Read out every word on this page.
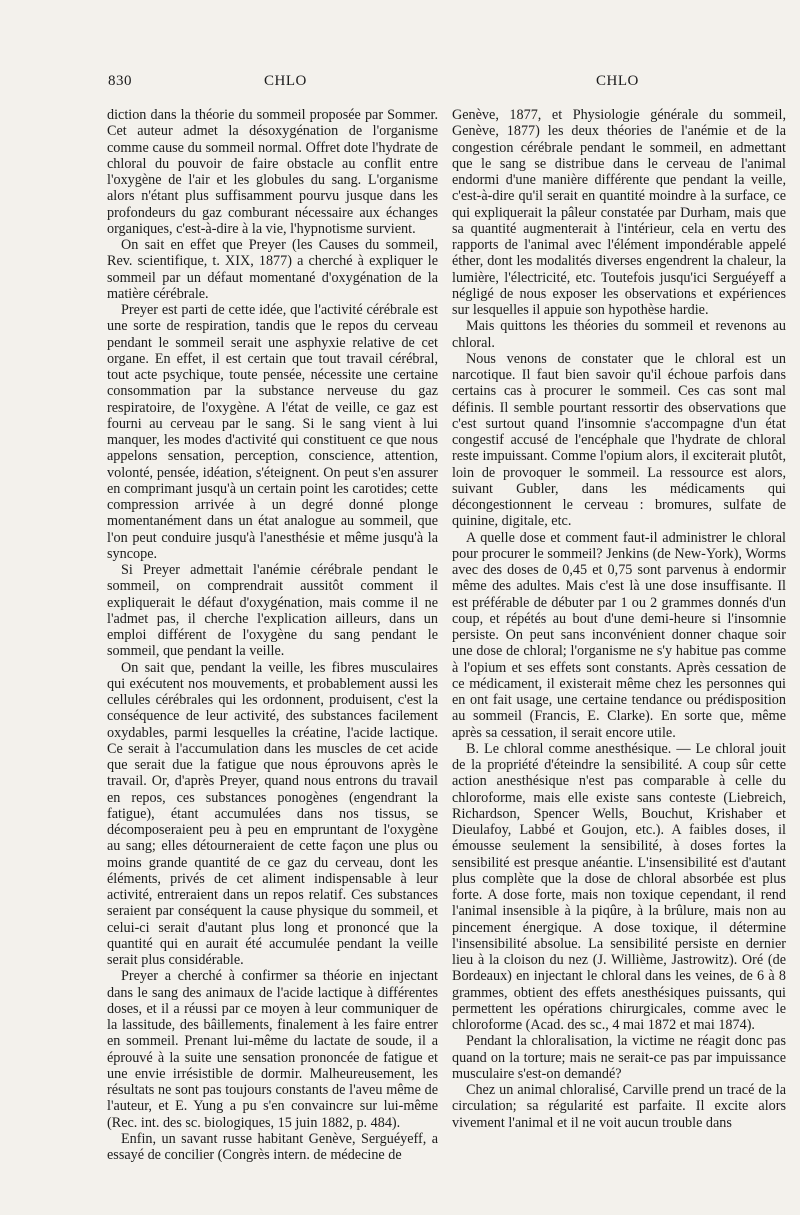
830	CHLO	CHLO

diction dans la théorie du sommeil proposée par Sommer. Cet auteur admet la désoxygénation de l'organisme comme cause du sommeil normal. Offret dote l'hydrate de chloral du pouvoir de faire obstacle au conflit entre l'oxygène de l'air et les globules du sang. L'organisme alors n'étant plus suffisamment pourvu jusque dans les profondeurs du gaz comburant nécessaire aux échanges organiques, c'est-à-dire à la vie, l'hypnotisme survient.

On sait en effet que Preyer (les Causes du sommeil, Rev. scientifique, t. XIX, 1877) a cherché à expliquer le sommeil par un défaut momentané d'oxygénation de la matière cérébrale.

Preyer est parti de cette idée, que l'activité cérébrale est une sorte de respiration, tandis que le repos du cerveau pendant le sommeil serait une asphyxie relative de cet organe. En effet, il est certain que tout travail cérébral, tout acte psychique, toute pensée, nécessite une certaine consommation par la substance nerveuse du gaz respiratoire, de l'oxygène. A l'état de veille, ce gaz est fourni au cerveau par le sang. Si le sang vient à lui manquer, les modes d'activité qui constituent ce que nous appelons sensation, perception, conscience, attention, volonté, pensée, idéation, s'éteignent. On peut s'en assurer en comprimant jusqu'à un certain point les carotides; cette compression arrivée à un degré donné plonge momentanément dans un état analogue au sommeil, que l'on peut conduire jusqu'à l'anesthésie et même jusqu'à la syncope.

Si Preyer admettait l'anémie cérébrale pendant le sommeil, on comprendrait aussitôt comment il expliquerait le défaut d'oxygénation, mais comme il ne l'admet pas, il cherche l'explication ailleurs, dans un emploi différent de l'oxygène du sang pendant le sommeil, que pendant la veille.

On sait que, pendant la veille, les fibres musculaires qui exécutent nos mouvements, et probablement aussi les cellules cérébrales qui les ordonnent, produisent, c'est la conséquence de leur activité, des substances facilement oxydables, parmi lesquelles la créatine, l'acide lactique. Ce serait à l'accumulation dans les muscles de cet acide que serait due la fatigue que nous éprouvons après le travail. Or, d'après Preyer, quand nous entrons du travail en repos, ces substances ponogènes (engendrant la fatigue), étant accumulées dans nos tissus, se décomposeraient peu à peu en empruntant de l'oxygène au sang; elles détourneraient de cette façon une plus ou moins grande quantité de ce gaz du cerveau, dont les éléments, privés de cet aliment indispensable à leur activité, entreraient dans un repos relatif. Ces substances seraient par conséquent la cause physique du sommeil, et celui-ci serait d'autant plus long et prononcé que la quantité qui en aurait été accumulée pendant la veille serait plus considérable.

Preyer a cherché à confirmer sa théorie en injectant dans le sang des animaux de l'acide lactique à différentes doses, et il a réussi par ce moyen à leur communiquer de la lassitude, des bâillements, finalement à les faire entrer en sommeil. Prenant lui-même du lactate de soude, il a éprouvé à la suite une sensation prononcée de fatigue et une envie irrésistible de dormir. Malheureusement, les résultats ne sont pas toujours constants de l'aveu même de l'auteur, et E. Yung a pu s'en convaincre sur lui-même (Rec. int. des sc. biologiques, 15 juin 1882, p. 484).

Enfin, un savant russe habitant Genève, Serguéyeff, a essayé de concilier (Congrès intern. de médecine de

Genève, 1877, et Physiologie générale du sommeil, Genève, 1877) les deux théories de l'anémie et de la congestion cérébrale pendant le sommeil, en admettant que le sang se distribue dans le cerveau de l'animal endormi d'une manière différente que pendant la veille, c'est-à-dire qu'il serait en quantité moindre à la surface, ce qui expliquerait la pâleur constatée par Durham, mais que sa quantité augmenterait à l'intérieur, cela en vertu des rapports de l'animal avec l'élément impondérable appelé éther, dont les modalités diverses engendrent la chaleur, la lumière, l'électricité, etc. Toutefois jusqu'ici Serguéyeff a négligé de nous exposer les observations et expériences sur lesquelles il appuie son hypothèse hardie.

Mais quittons les théories du sommeil et revenons au chloral.

Nous venons de constater que le chloral est un narcotique. Il faut bien savoir qu'il échoue parfois dans certains cas à procurer le sommeil. Ces cas sont mal définis. Il semble pourtant ressortir des observations que c'est surtout quand l'insomnie s'accompagne d'un état congestif accusé de l'encéphale que l'hydrate de chloral reste impuissant. Comme l'opium alors, il exciterait plutôt, loin de provoquer le sommeil. La ressource est alors, suivant Gubler, dans les médicaments qui décongestionnent le cerveau : bromures, sulfate de quinine, digitale, etc.

A quelle dose et comment faut-il administrer le chloral pour procurer le sommeil? Jenkins (de New-York), Worms avec des doses de 0,45 et 0,75 sont parvenus à endormir même des adultes. Mais c'est là une dose insuffisante. Il est préférable de débuter par 1 ou 2 grammes donnés d'un coup, et répétés au bout d'une demi-heure si l'insomnie persiste. On peut sans inconvénient donner chaque soir une dose de chloral; l'organisme ne s'y habitue pas comme à l'opium et ses effets sont constants. Après cessation de ce médicament, il existerait même chez les personnes qui en ont fait usage, une certaine tendance ou prédisposition au sommeil (Francis, E. Clarke). En sorte que, même après sa cessation, il serait encore utile.

B. Le chloral comme anesthésique. — Le chloral jouit de la propriété d'éteindre la sensibilité. A coup sûr cette action anesthésique n'est pas comparable à celle du chloroforme, mais elle existe sans conteste (Liebreich, Richardson, Spencer Wells, Bouchut, Krishaber et Dieulafoy, Labbé et Goujon, etc.). A faibles doses, il émousse seulement la sensibilité, à doses fortes la sensibilité est presque anéantie. L'insensibilité est d'autant plus complète que la dose de chloral absorbée est plus forte. A dose forte, mais non toxique cependant, il rend l'animal insensible à la piqûre, à la brûlure, mais non au pincement énergique. A dose toxique, il détermine l'insensibilité absolue. La sensibilité persiste en dernier lieu à la cloison du nez (J. Willième, Jastrowitz). Oré (de Bordeaux) en injectant le chloral dans les veines, de 6 à 8 grammes, obtient des effets anesthésiques puissants, qui permettent les opérations chirurgicales, comme avec le chloroforme (Acad. des sc., 4 mai 1872 et mai 1874).

Pendant la chloralisation, la victime ne réagit donc pas quand on la torture; mais ne serait-ce pas par impuissance musculaire s'est-on demandé?

Chez un animal chloralisé, Carville prend un tracé de la circulation; sa régularité est parfaite. Il excite alors vivement l'animal et il ne voit aucun trouble dans
